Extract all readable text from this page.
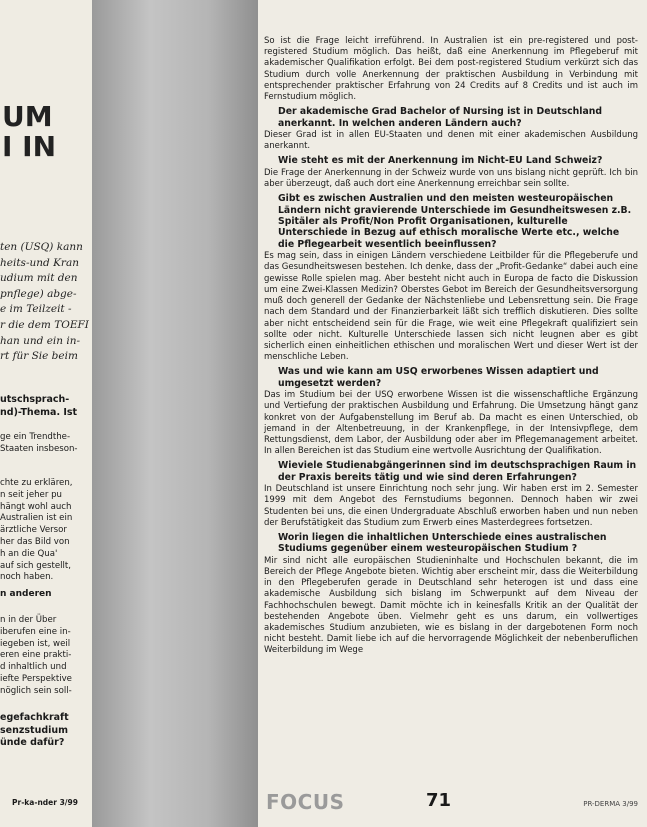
UM
I IN
ten (USQ) kann
heits-und Kran
udium mit den
pnflege) abge-
e im Teilzeit -
r die dem TOEFI
han und ein in-
rt für Sie beim
utschsprach-
nd)-Thema. Ist
ge ein Trendthe-
Staaten insbeson-
chte zu erklären,
n seit jeher pu
hängt wohl auch
Australien ist ein
ärztliche Versor
her das Bild von
h an die Qua'
auf sich gestellt,
noch haben.
n anderen
n in der Über
iberufen eine in-
iegeben ist, weil
eren eine prakti-
d inhaltlich und
iefte Perspektive
nöglich sein soll-
egefachkraft
senzstudium
ünde dafür?
Pr-ka-nder 3/99

So ist die Frage leicht irreführend. In Australien ist ein pre-registered und post-registered Studium möglich. Das heißt, daß eine Anerkennung im Pflegeberuf mit akademischer Qualifikation erfolgt. Bei dem post-registered Studium verkürzt sich das Studium durch volle Anerkennung der praktischen Ausbildung in Verbindung mit entsprechender praktischer Erfahrung von 24 Credits auf 8 Credits und ist auch im Fernstudium möglich.

Der akademische Grad Bachelor of Nursing ist in Deutschland anerkannt. In welchen anderen Ländern auch?

Dieser Grad ist in allen EU-Staaten und denen mit einer akademischen Ausbildung anerkannt.

Wie steht es mit der Anerkennung im Nicht-EU Land Schweiz?

Die Frage der Anerkennung in der Schweiz wurde von uns bislang nicht geprüft. Ich bin aber überzeugt, daß auch dort eine Anerkennung erreichbar sein sollte.

Gibt es zwischen Australien und den meisten westeuropäischen Ländern nicht gravierende Unterschiede im Gesundheitswesen z.B. Spitäler als Profit/Non Profit Organisationen, kulturelle Unterschiede in Bezug auf ethisch moralische Werte etc., welche die Pflegearbeit wesentlich beeinflussen?

Es mag sein, dass in einigen Ländern verschiedene Leitbilder für die Pflegeberufe und das Gesundheitswesen bestehen. Ich denke, dass der „Profit-Gedanke“ dabei auch eine gewisse Rolle spielen mag. Aber besteht nicht auch in Europa de facto die Diskussion um eine Zwei-Klassen Medizin? Oberstes Gebot im Bereich der Gesundheitsversorgung muß doch generell der Gedanke der Nächstenliebe und Lebensrettung sein. Die Frage nach dem Standard und der Finanzierbarkeit läßt sich trefflich diskutieren. Dies sollte aber nicht entscheidend sein für die Frage, wie weit eine Pflegekraft qualifiziert sein sollte oder nicht. Kulturelle Unterschiede lassen sich nicht leugnen aber es gibt sicherlich einen einheitlichen ethischen und moralischen Wert und dieser Wert ist der menschliche Leben.

Was und wie kann am USQ erworbenes Wissen adaptiert und umgesetzt werden?

Das im Studium bei der USQ erworbene Wissen ist die wissenschaftliche Ergänzung und Vertiefung der praktischen Ausbildung und Erfahrung. Die Umsetzung hängt ganz konkret von der Aufgabenstellung im Beruf ab. Da macht es einen Unterschied, ob jemand in der Altenbetreuung, in der Krankenpflege, in der Intensivpflege, dem Rettungsdienst, dem Labor, der Ausbildung oder aber im Pflegemanagement arbeitet. In allen Bereichen ist das Studium eine wertvolle Ausrichtung der Qualifikation.

Wieviele Studienabgängerinnen sind im deutschsprachigen Raum in der Praxis bereits tätig und wie sind deren Erfahrungen?

In Deutschland ist unsere Einrichtung noch sehr jung. Wir haben erst im 2. Semester 1999 mit dem Angebot des Fernstudiums begonnen. Dennoch haben wir zwei Studenten bei uns, die einen Undergraduate Abschluß erworben haben und nun neben der Berufstätigkeit das Studium zum Erwerb eines Masterdegrees fortsetzen.

Worin liegen die inhaltlichen Unterschiede eines australischen Studiums gegenüber einem westeuropäischen Studium ?

Mir sind nicht alle europäischen Studieninhalte und Hochschulen bekannt, die im Bereich der Pflege Angebote bieten. Wichtig aber erscheint mir, dass die Weiterbildung in den Pflegeberufen gerade in Deutschland sehr heterogen ist und dass eine akademische Ausbildung sich bislang im Schwerpunkt auf dem Niveau der Fachhochschulen bewegt. Damit möchte ich in keinesfalls Kritik an der Qualität der bestehenden Angebote üben. Vielmehr geht es uns darum, ein vollwertiges akademisches Studium anzubieten, wie es bislang in der dargebotenen Form noch nicht besteht. Damit liebe ich auf die hervorragende Möglichkeit der nebenberuflichen Weiterbildung im Wege

FOCUS	71	PR-DERMA 3/99
